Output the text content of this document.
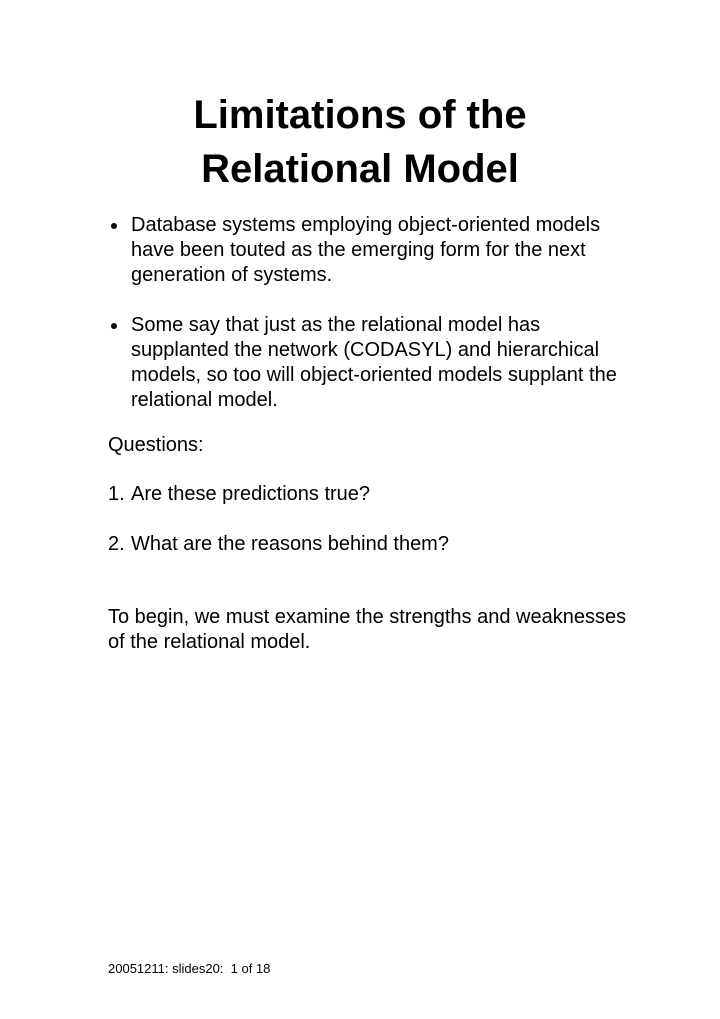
Limitations of the
Relational Model
Database systems employing object-oriented models have been touted as the emerging form for the next generation of systems.
Some say that just as the relational model has supplanted the network (CODASYL) and hierarchical models, so too will object-oriented models supplant the relational model.

Questions:

1. Are these predictions true?

2. What are the reasons behind them?

To begin, we must examine the strengths and weaknesses of the relational model.

20051211: slides20:  1 of 18
